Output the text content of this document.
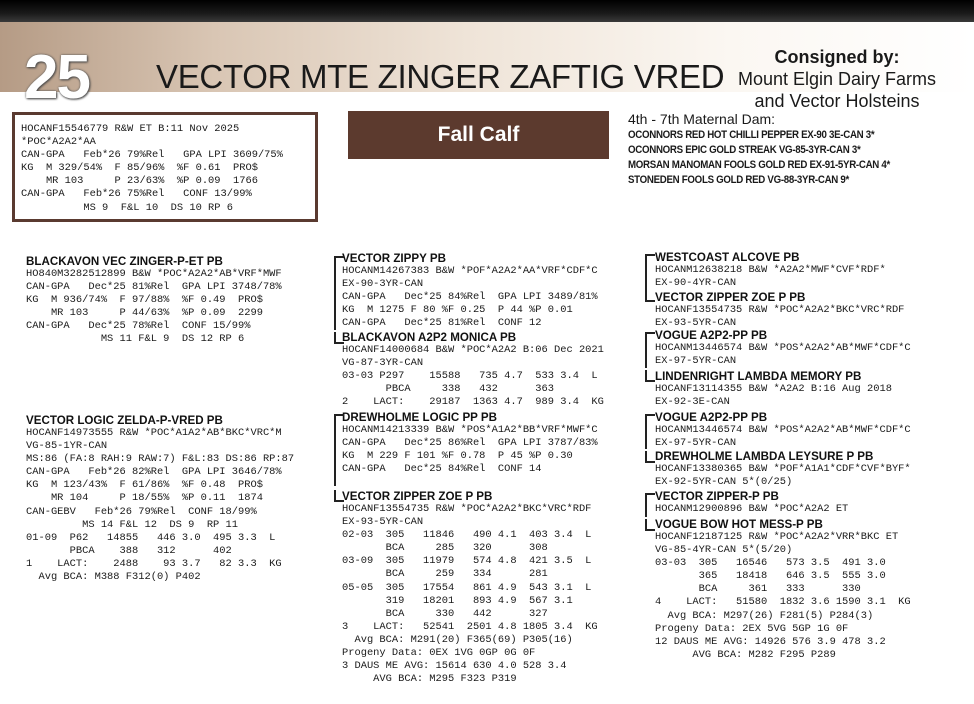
25 VECTOR MTE ZINGER ZAFTIG VRED
Consigned by:
Mount Elgin Dairy Farms
and Vector Holsteins
HOCANF15546779 R&W ET B:11 Nov 2025
*POC*A2A2*AA
CAN-GPA   Feb*26 79%Rel   GPA LPI 3609/75%
KG  M 329/54%  F 85/96%  %F 0.61  PRO$
MR 103     P 23/63%  %P 0.09  1766
CAN-GPA   Feb*26 75%Rel   CONF 13/99%
MS 9  F&L 10  DS 10 RP 6
Fall Calf
4th - 7th Maternal Dam:
OCONNORS RED HOT CHILLI PEPPER EX-90 3E-CAN 3*
OCONNORS EPIC GOLD STREAK VG-85-3YR-CAN 3*
MORSAN MANOMAN FOOLS GOLD RED EX-91-5YR-CAN 4*
STONEDEN FOOLS GOLD RED VG-88-3YR-CAN 9*
BLACKAVON VEC ZINGER-P-ET PB
HO840M3282512899 B&W *POC*A2A2*AB*VRF*MWF
CAN-GPA   Dec*25 81%Rel  GPA LPI 3748/78%
KG  M 936/74%  F 97/88%  %F 0.49  PRO$
MR 103     P 44/63%  %P 0.09  2299
CAN-GPA   Dec*25 78%Rel  CONF 15/99%
MS 11 F&L 9  DS 12 RP 6
VECTOR LOGIC ZELDA-P-VRED PB
HOCANF14973555 R&W *POC*A1A2*AB*BKC*VRC*M
VG-85-1YR-CAN
MS:86 (FA:8 RAH:9 RAW:7) F&L:83 DS:86 RP:87
CAN-GPA   Feb*26 82%Rel  GPA LPI 3646/78%
KG  M 123/43%  F 61/86%  %F 0.48  PRO$
MR 104     P 18/55%  %P 0.11  1874
CAN-GEBV   Feb*26 79%Rel  CONF 18/99%
MS 14 F&L 12  DS 9  RP 11
01-09  P62   14855   446 3.0  495 3.3  L
PBCA    388   312      402
1    LACT:    2488    93 3.7   82 3.3  KG
Avg BCA: M388 F312(0) P402
VECTOR ZIPPY PB
HOCANM14267383 B&W *POF*A2A2*AA*VRF*CDF*C
EX-90-3YR-CAN
CAN-GPA   Dec*25 84%Rel  GPA LPI 3489/81%
KG  M 1275 F 80 %F 0.25  P 44 %P 0.01
CAN-GPA   Dec*25 81%Rel  CONF 12
BLACKAVON A2P2 MONICA PB
HOCANF14000684 B&W *POC*A2A2 B:06 Dec 2021
VG-87-3YR-CAN
03-03 P297    15588   735 4.7  533 3.4  L
PBCA     338   432      363
2    LACT:    29187  1363 4.7  989 3.4  KG
DREWHOLME LOGIC PP PB
HOCANM14213339 B&W *POS*A1A2*BB*VRF*MWF*C
CAN-GPA   Dec*25 86%Rel  GPA LPI 3787/83%
KG  M 229 F 101 %F 0.78  P 45 %P 0.30
CAN-GPA   Dec*25 84%Rel  CONF 14
VECTOR ZIPPER ZOE P PB
HOCANF13554735 R&W *POC*A2A2*BKC*VRC*RDF
EX-93-5YR-CAN
02-03  305   11846   490 4.1  403 3.4  L
BCA     285   320      308
03-09  305   11979   574 4.8  421 3.5  L
BCA     259   334      281
05-05  305   17554   861 4.9  543 3.1  L
319   18201   893 4.9  567 3.1
BCA     330   442      327
3    LACT:   52541  2501 4.8 1805 3.4  KG
Avg BCA: M291(20) F365(69) P305(16)
Progeny Data: 0EX 1VG 0GP 0G 0F
3 DAUS ME AVG: 15614 630 4.0 528 3.4
AVG BCA: M295 F323 P319
WESTCOAST ALCOVE PB
HOCANM12638218 B&W *A2A2*MWF*CVF*RDF*
EX-90-4YR-CAN
VECTOR ZIPPER ZOE P PB
HOCANF13554735 R&W *POC*A2A2*BKC*VRC*RDF
EX-93-5YR-CAN
VOGUE A2P2-PP PB
HOCANM13446574 B&W *POS*A2A2*AB*MWF*CDF*C
EX-97-5YR-CAN
LINDENRIGHT LAMBDA MEMORY PB
HOCANF13114355 B&W *A2A2 B:16 Aug 2018
EX-92-3E-CAN
VOGUE A2P2-PP PB
HOCANM13446574 B&W *POS*A2A2*AB*MWF*CDF*C
EX-97-5YR-CAN
DREWHOLME LAMBDA LEYSURE P PB
HOCANF13380365 B&W *POF*A1A1*CDF*CVF*BYF*
EX-92-5YR-CAN 5*(0/25)
VECTOR ZIPPER-P PB
HOCANM12900896 B&W *POC*A2A2 ET
VOGUE BOW HOT MESS-P PB
HOCANF12187125 R&W *POC*A2A2*VRR*BKC ET
VG-85-4YR-CAN 5*(5/20)
03-03  305   16546   573 3.5  491 3.0
365   18418   646 3.5  555 3.0
BCA     361   333      330
4    LACT:   51580  1832 3.6 1590 3.1  KG
Avg BCA: M297(26) F281(5) P284(3)
Progeny Data: 2EX 5VG 5GP 1G 0F
12 DAUS ME AVG: 14926 576 3.9 478 3.2
AVG BCA: M282 F295 P289
